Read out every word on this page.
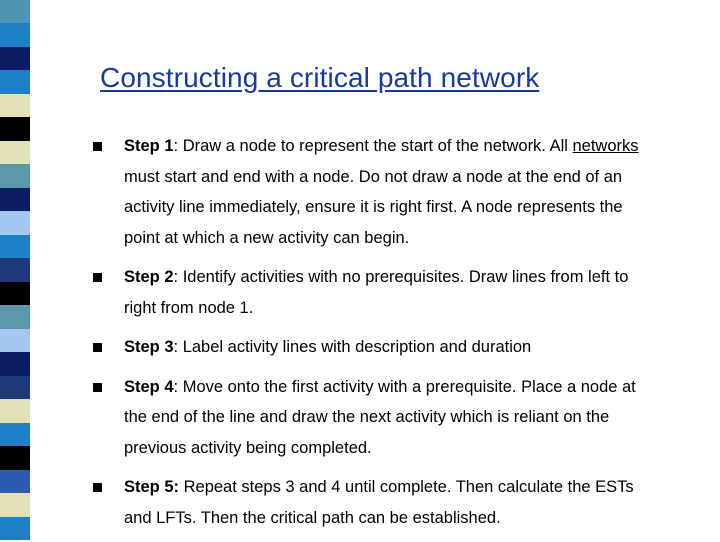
Constructing a critical path network
Step 1: Draw a node to represent the start of the network. All networks
must start and end with a node. Do not draw a node at the end of an
activity line immediately, ensure it is right first. A node represents the
point at which a new activity can begin.
Step 2: Identify activities with no prerequisites. Draw lines from left to
right from node 1.
Step 3: Label activity lines with description and duration
Step 4: Move onto the first activity with a prerequisite. Place a node at
the end of the line and draw the next activity which is reliant on the
previous activity being completed.
Step 5: Repeat steps 3 and 4 until complete. Then calculate the ESTs
and LFTs. Then the critical path can be established.
